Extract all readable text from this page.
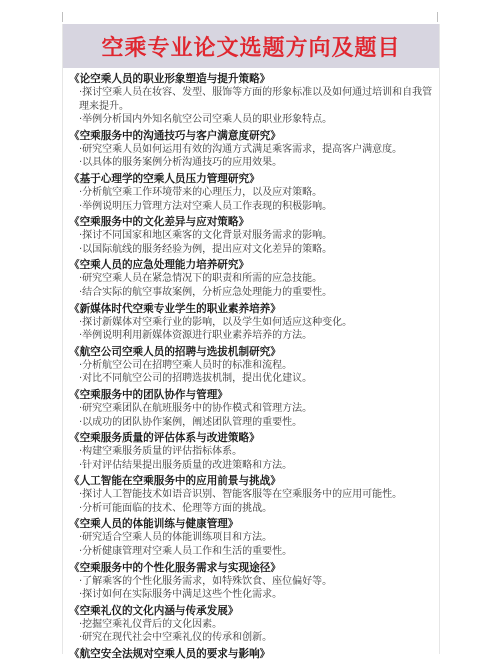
空乘专业论文选题方向及题目
《论空乘人员的职业形象塑造与提升策略》
·探讨空乘人员在妆容、发型、服饰等方面的形象标准以及如何通过培训和自我管理来提升。
·举例分析国内外知名航空公司空乘人员的职业形象特点。
《空乘服务中的沟通技巧与客户满意度研究》
·研究空乘人员如何运用有效的沟通方式满足乘客需求，提高客户满意度。
·以具体的服务案例分析沟通技巧的应用效果。
《基于心理学的空乘人员压力管理研究》
·分析航空乘工作环境带来的心理压力，以及应对策略。
·举例说明压力管理方法对空乘人员工作表现的积极影响。
《空乘服务中的文化差异与应对策略》
·探讨不同国家和地区乘客的文化背景对服务需求的影响。
·以国际航线的服务经验为例，提出应对文化差异的策略。
《空乘人员的应急处理能力培养研究》
·研究空乘人员在紧急情况下的职责和所需的应急技能。
·结合实际的航空事故案例，分析应急处理能力的重要性。
《新媒体时代空乘专业学生的职业素养培养》
·探讨新媒体对空乘行业的影响，以及学生如何适应这种变化。
·举例说明利用新媒体资源进行职业素养培养的方法。
《航空公司空乘人员的招聘与选拔机制研究》
·分析航空公司在招聘空乘人员时的标准和流程。
·对比不同航空公司的招聘选拔机制，提出优化建议。
《空乘服务中的团队协作与管理》
·研究空乘团队在航班服务中的协作模式和管理方法。
·以成功的团队协作案例，阐述团队管理的重要性。
《空乘服务质量的评估体系与改进策略》
·构建空乘服务质量的评估指标体系。
·针对评估结果提出服务质量的改进策略和方法。
《人工智能在空乘服务中的应用前景与挑战》
·探讨人工智能技术如语音识别、智能客服等在空乘服务中的应用可能性。
·分析可能面临的技术、伦理等方面的挑战。
《空乘人员的体能训练与健康管理》
·研究适合空乘人员的体能训练项目和方法。
·分析健康管理对空乘人员工作和生活的重要性。
《空乘服务中的个性化服务需求与实现途径》
·了解乘客的个性化服务需求，如特殊饮食、座位偏好等。
·探讨如何在实际服务中满足这些个性化需求。
《空乘礼仪的文化内涵与传承发展》
·挖掘空乘礼仪背后的文化因素。
·研究在现代社会中空乘礼仪的传承和创新。
《航空安全法规对空乘人员的要求与影响》
